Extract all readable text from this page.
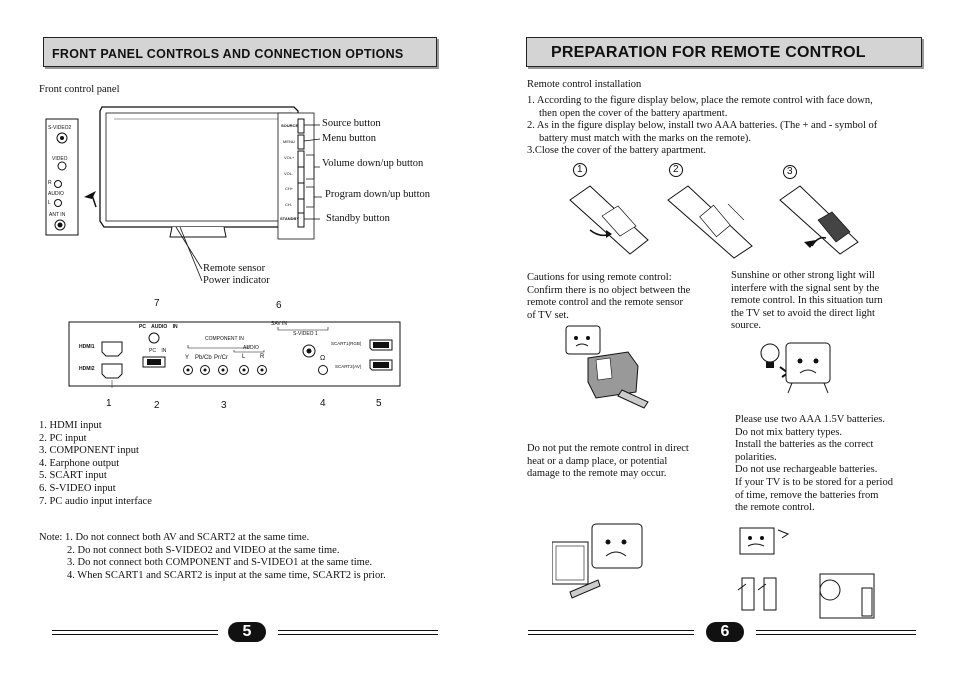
FRONT PANEL CONTROLS AND CONNECTION OPTIONS
Front control panel
S-VIDEO2
VIDEO
R
AUDIO
L
ANT IN
SOURCE
MENU
VOL+
VOL-
CH+
CH-
STANDBY
Source button
Menu button
Volume down/up button
Program down/up button
Standby button
Remote sensor
Power indicator
HDMI1
HDMI2
PC AUDIO IN
PC IN
COMPONENT IN
AUDIO
Y Pb/Cb Pr/Cr L R
SAV IN
S-VIDEO 1
Ω
SCART1(RGB)
SCART2(AV)
7	6
1	2	3	4	5
1. HDMI input
2. PC input
3. COMPONENT input
4. Earphone output
5. SCART input
6. S-VIDEO input
7. PC audio input interface
Note: 1. Do not connect both AV and SCART2 at the same time.
2. Do not connect both S-VIDEO2 and VIDEO at the same time.
3. Do not connect both COMPONENT and S-VIDEO1 at the same time.
4. When SCART1 and SCART2 is input at the same time, SCART2 is prior.
5
PREPARATION FOR REMOTE CONTROL
Remote control installation
1. According to the figure display below, place the remote control with face down,
then open the cover of the battery apartment.
2. As in the figure display below, install two AAA batteries. (The + and - symbol of
battery must match with the marks on the remote).
3.Close the cover of the battery apartment.
1	2	3
Cautions for using remote control:
Confirm there is no object between the
remote control and the remote sensor
of TV set.
Sunshine or other strong light will
interfere with the signal sent by the
remote control. In this situation turn
the TV set to avoid the direct light
source.
Do not put the remote control in direct
heat or a damp place, or potential
damage to the remote may occur.
Please use two AAA 1.5V batteries.
Do not mix battery types.
Install the batteries as the correct
polarities.
Do not use rechargeable batteries.
If your TV is to be stored for a period
of time, remove the batteries from
the remote control.
6
